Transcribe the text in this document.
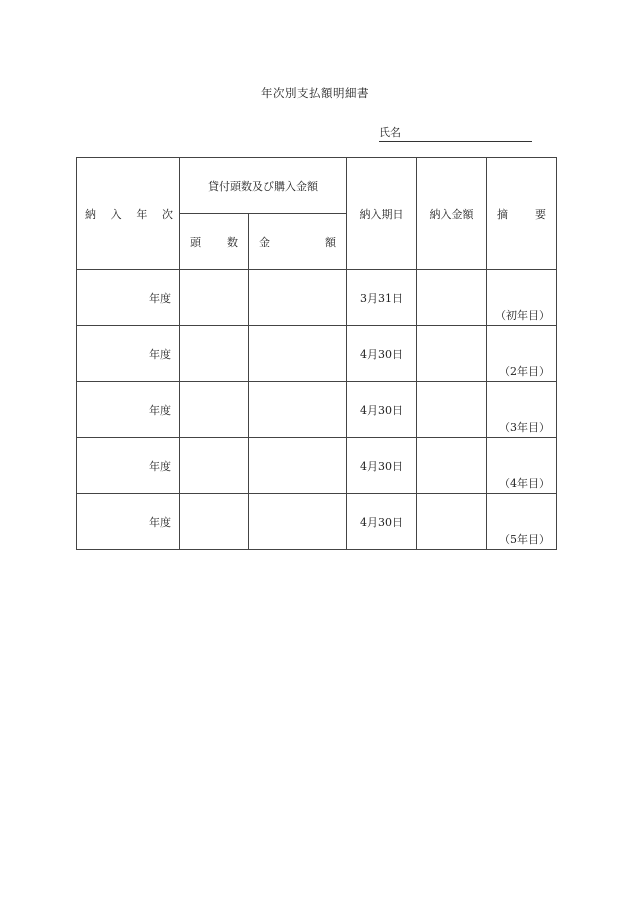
年次別支払額明細書
氏名
納 入 年 次	貸付頭数及び購入金額		納入期日	納入金額	摘 要

	頭 数	金 額			

年度			3月31日		（初年目）
年度			4月30日		（2年目）
年度			4月30日		（3年目）
年度			4月30日		（4年目）
年度			4月30日		（5年目）
